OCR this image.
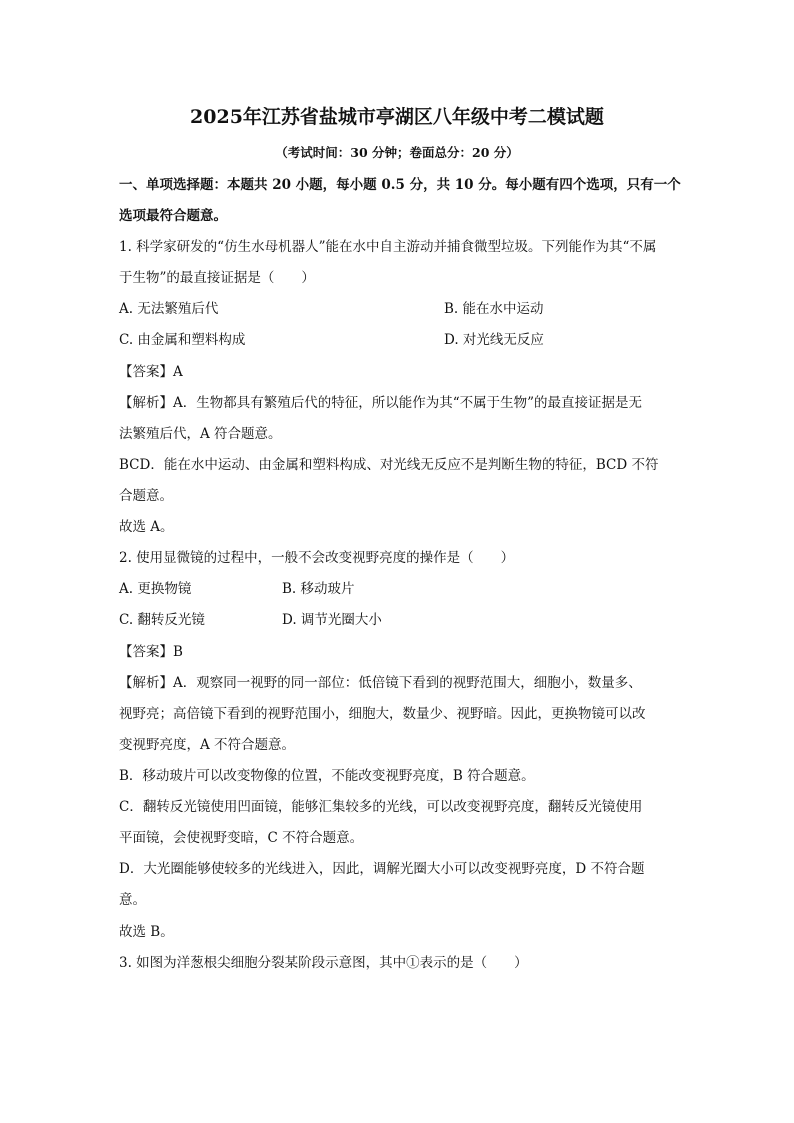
2025年江苏省盐城市亭湖区八年级中考二模试题
（考试时间：30 分钟；卷面总分：20 分）
一、单项选择题：本题共 20 小题，每小题 0.5 分，共 10 分。每小题有四个选项，只有一个
选项最符合题意。
1. 科学家研发的“仿生水母机器人”能在水中自主游动并捕食微型垃圾。下列能作为其“不属
于生物”的最直接证据是（　　）
A. 无法繁殖后代	B. 能在水中运动
C. 由金属和塑料构成	D. 对光线无反应
【答案】A
【解析】A．生物都具有繁殖后代的特征，所以能作为其“不属于生物”的最直接证据是无
法繁殖后代，A 符合题意。
BCD．能在水中运动、由金属和塑料构成、对光线无反应不是判断生物的特征，BCD 不符
合题意。
故选 A。
2. 使用显微镜的过程中，一般不会改变视野亮度的操作是（　　）
A. 更换物镜	B. 移动玻片
C. 翻转反光镜	D. 调节光圈大小
【答案】B
【解析】A．观察同一视野的同一部位：低倍镜下看到的视野范围大，细胞小，数量多、
视野亮；高倍镜下看到的视野范围小，细胞大，数量少、视野暗。因此，更换物镜可以改
变视野亮度，A 不符合题意。
B．移动玻片可以改变物像的位置，不能改变视野亮度，B 符合题意。
C．翻转反光镜使用凹面镜，能够汇集较多的光线，可以改变视野亮度，翻转反光镜使用
平面镜，会使视野变暗，C 不符合题意。
D．大光圈能够使较多的光线进入，因此，调解光圈大小可以改变视野亮度，D 不符合题
意。
故选 B。
3. 如图为洋葱根尖细胞分裂某阶段示意图，其中①表示的是（　　）
